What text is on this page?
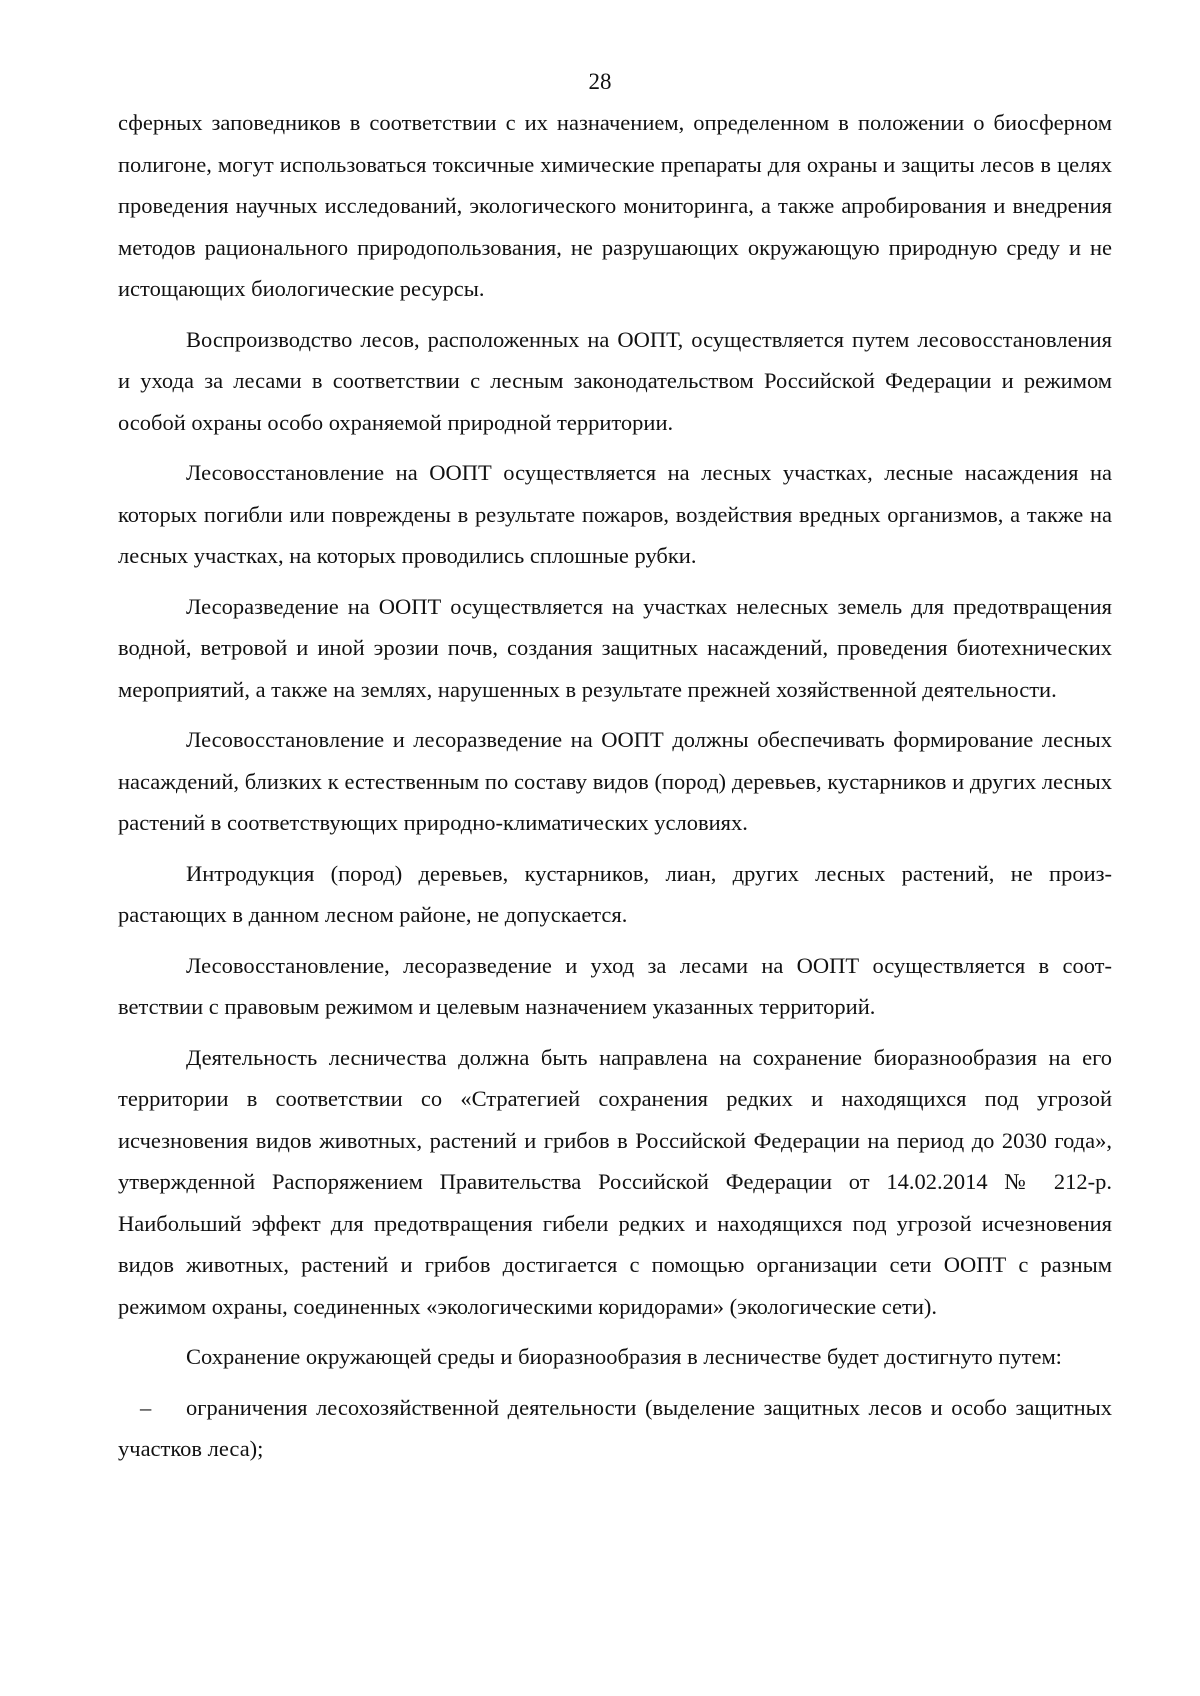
28

сферных заповедников в соответствии с их назначением, определенном в положении о биосферном полигоне, могут использоваться токсичные химические препараты для охраны и защиты лесов в целях проведения научных исследований, экологического мониторинга, а также апробирования и внедрения методов рационального природопользования, не разрушающих окружающую природную среду и не истощающих биологические ресурсы.

Воспроизводство лесов, расположенных на ООПТ, осуществляется путем лесовосстановления и ухода за лесами в соответствии с лесным законодательством Российской Федерации и режимом особой охраны особо охраняемой природной территории.

Лесовосстановление на ООПТ осуществляется на лесных участках, лесные насаждения на которых погибли или повреждены в результате пожаров, воздействия вредных организмов, а также на лесных участках, на которых проводились сплошные рубки.

Лесоразведение на ООПТ осуществляется на участках нелесных земель для предотвращения водной, ветровой и иной эрозии почв, создания защитных насаждений, проведения биотехнических мероприятий, а также на землях, нарушенных в результате прежней хозяйственной деятельности.

Лесовосстановление и лесоразведение на ООПТ должны обеспечивать формирование лесных насаждений, близких к естественным по составу видов (пород) деревьев, кустарников и других лесных растений в соответствующих природно-климатических условиях.

Интродукция (пород) деревьев, кустарников, лиан, других лесных растений, не произрастающих в данном лесном районе, не допускается.

Лесовосстановление, лесоразведение и уход за лесами на ООПТ осуществляется в соответствии с правовым режимом и целевым назначением указанных территорий.

Деятельность лесничества должна быть направлена на сохранение биоразнообразия на его территории в соответствии со «Стратегией сохранения редких и находящихся под угрозой исчезновения видов животных, растений и грибов в Российской Федерации на период до 2030 года», утвержденной Распоряжением Правительства Российской Федерации от 14.02.2014 № 212-р. Наибольший эффект для предотвращения гибели редких и находящихся под угрозой исчезновения видов животных, растений и грибов достигается с помощью организации сети ООПТ с разным режимом охраны, соединенных «экологическими коридорами» (экологические сети).

Сохранение окружающей среды и биоразнообразия в лесничестве будет достигнуто путем:

– ограничения лесохозяйственной деятельности (выделение защитных лесов и особо защитных участков леса);
